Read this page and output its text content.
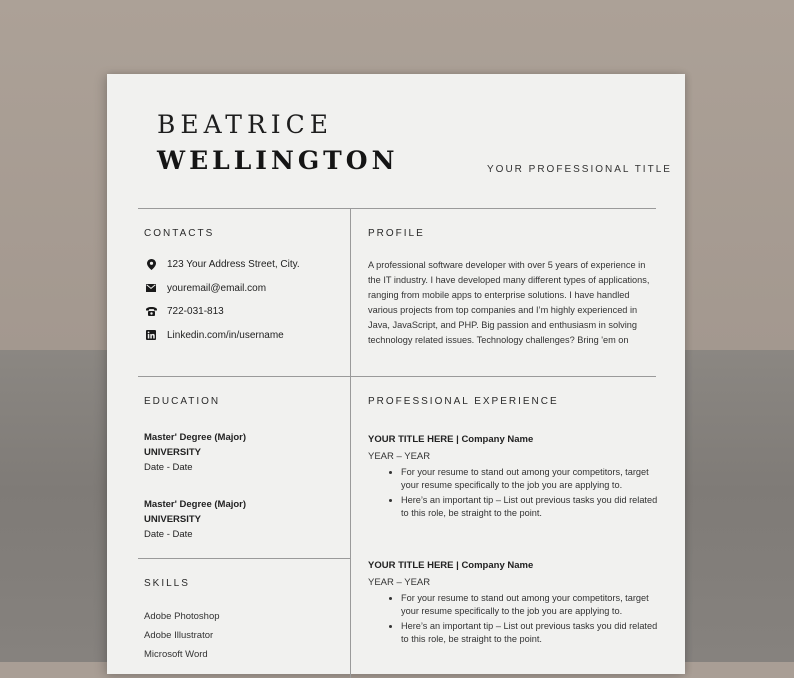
BEATRICE
WELLINGTON	YOUR PROFESSIONAL TITLE
CONTACTS
123 Your Address Street, City.
youremail@email.com
722-031-813
Linkedin.com/in/username
PROFILE

A professional software developer with over 5 years of experience in the IT industry. I have developed many different types of applications, ranging from mobile apps to enterprise solutions. I have handled various projects from top companies and I’m highly experienced in Java, JavaScript, and PHP. Big passion and enthusiasm in solving technology related issues. Technology challenges? Bring 'em on

EDUCATION
Master' Degree (Major)
UNIVERSITY
Date - Date
Master' Degree (Major)
UNIVERSITY
Date - Date
SKILLS
Adobe Photoshop
Adobe Illustrator
Microsoft Word
PROFESSIONAL EXPERIENCE
YOUR TITLE HERE | Company Name
YEAR – YEAR
• For your resume to stand out among your competitors, target your resume specifically to the job you are applying to.
• Here’s an important tip – List out previous tasks you did related to this role, be straight to the point.
YOUR TITLE HERE | Company Name
YEAR – YEAR
• For your resume to stand out among your competitors, target your resume specifically to the job you are applying to.
• Here’s an important tip – List out previous tasks you did related to this role, be straight to the point.
